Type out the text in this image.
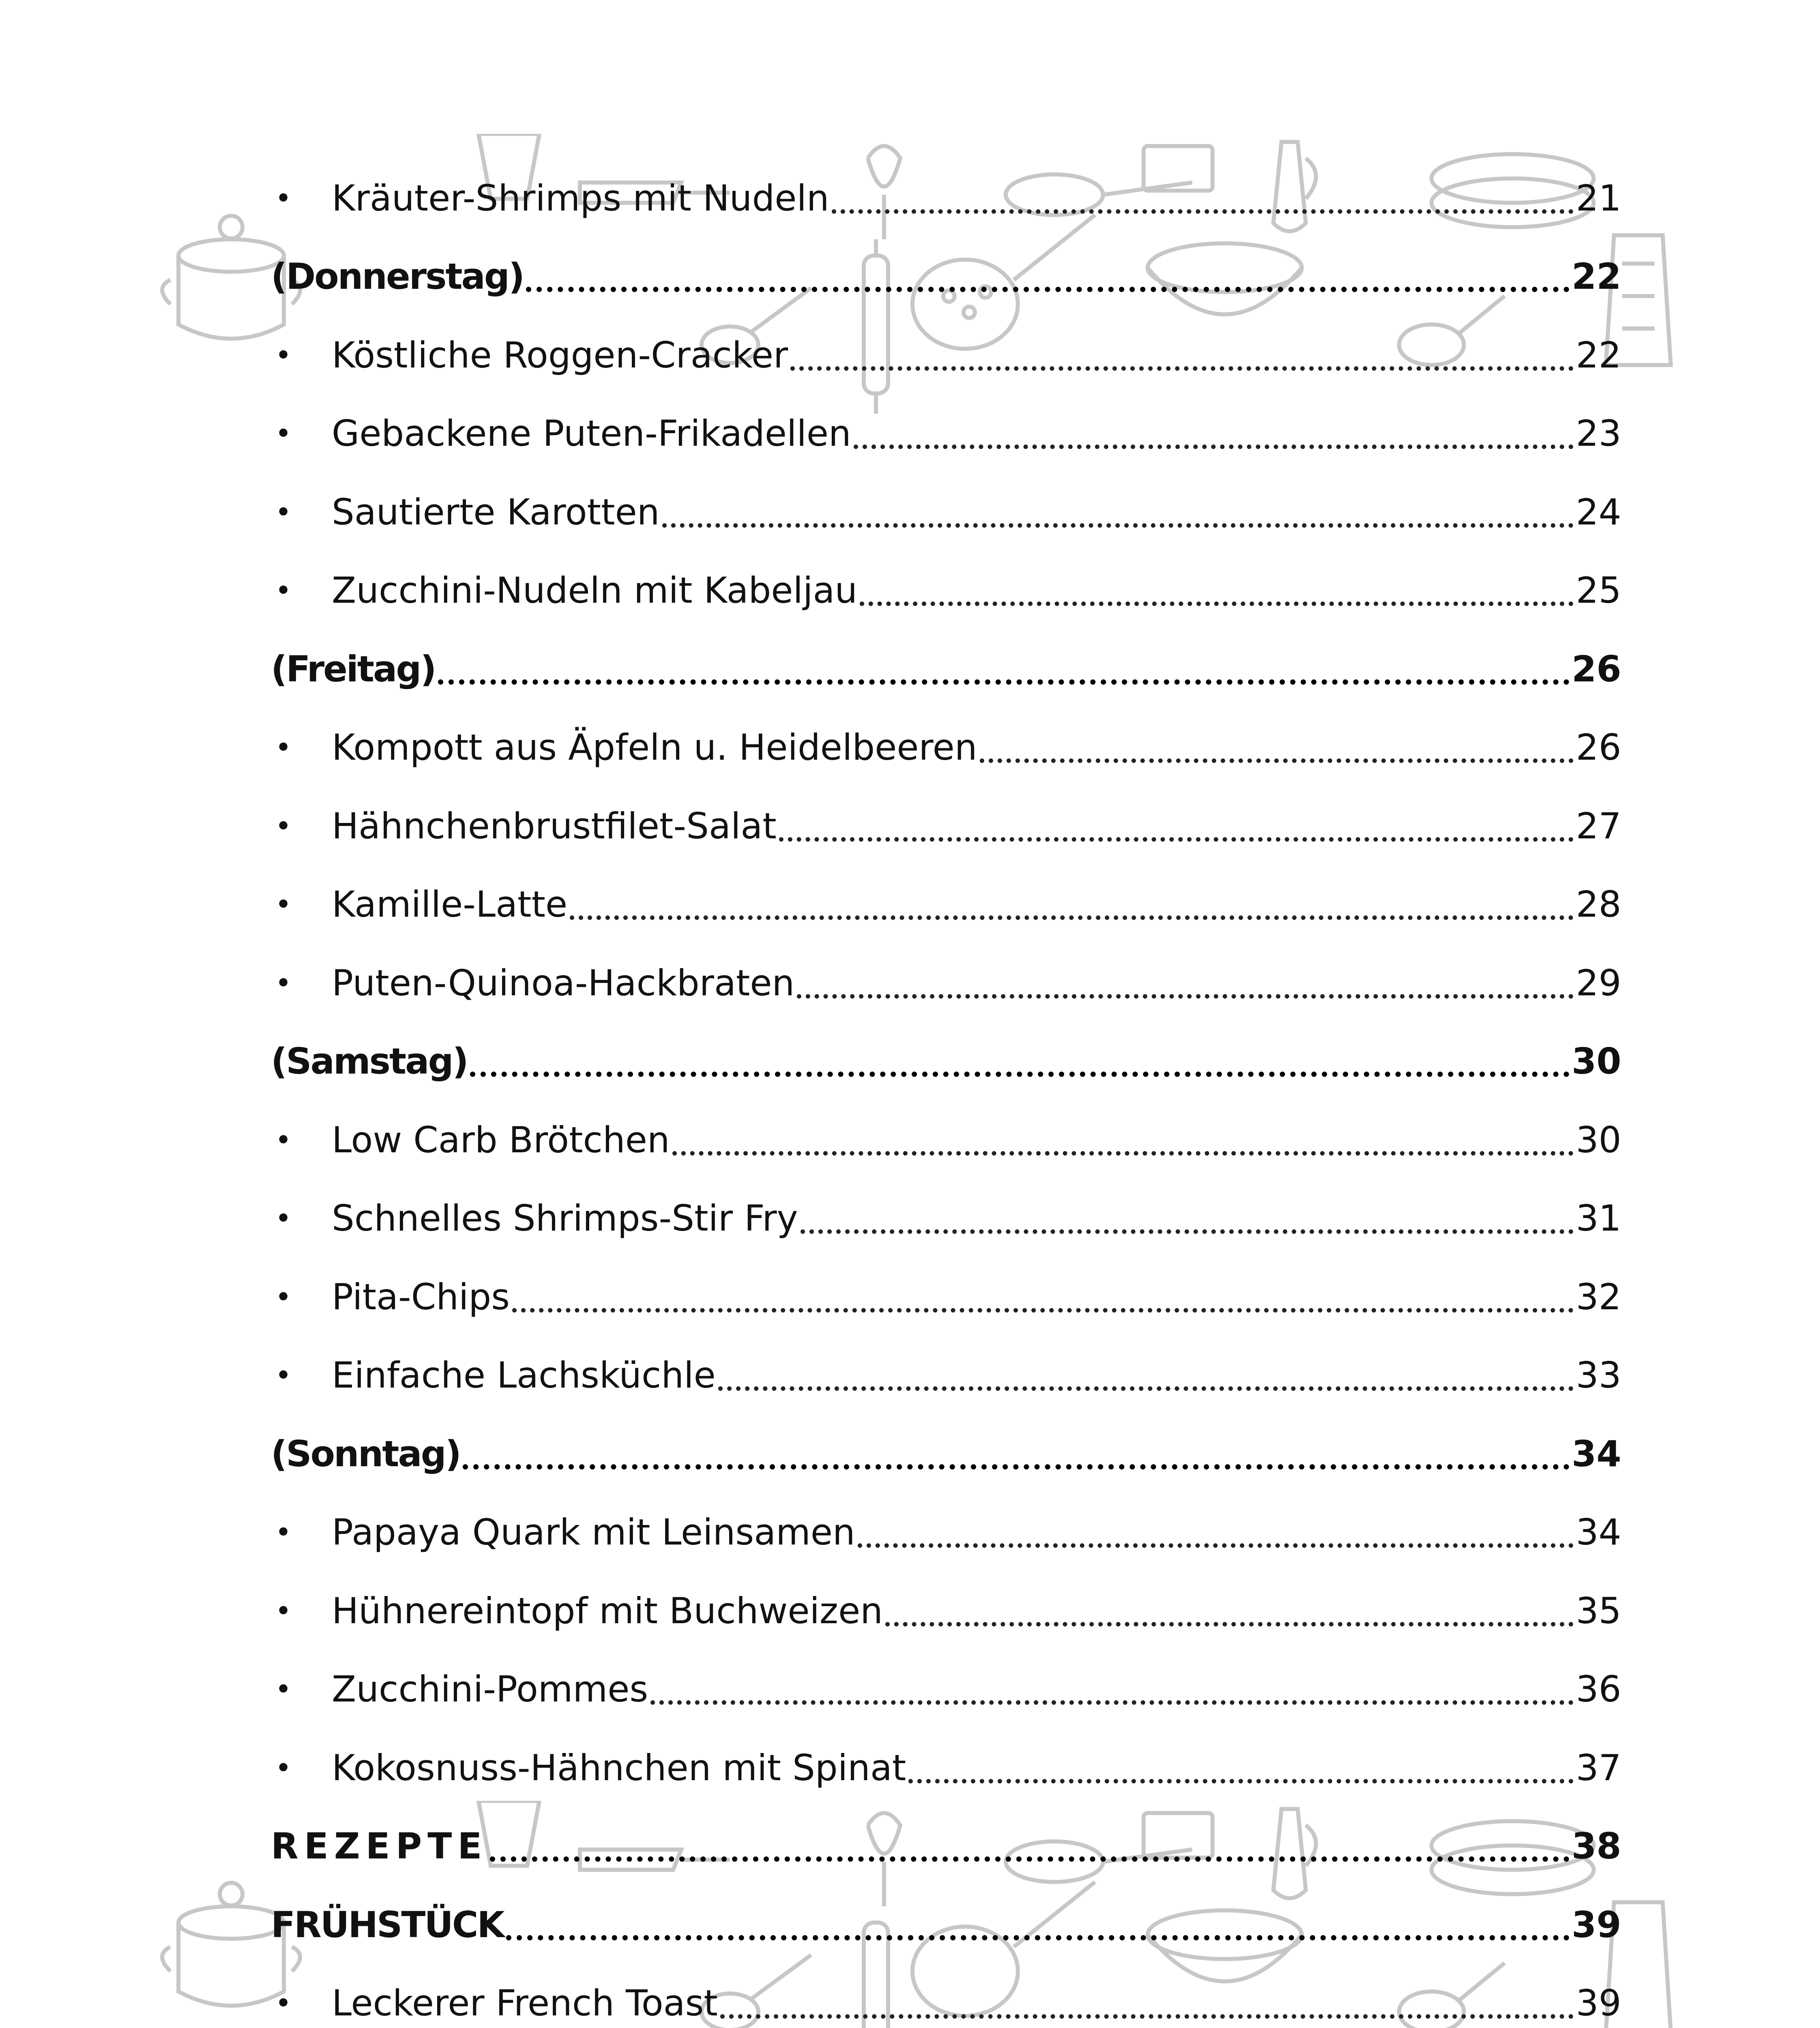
•	Kräuter-Shrimps mit Nudeln	21
(Donnerstag)	22
•	Köstliche Roggen-Cracker	22
•	Gebackene Puten-Frikadellen	23
•	Sautierte Karotten	24
•	Zucchini-Nudeln mit Kabeljau	25
(Freitag)	26
•	Kompott aus Äpfeln u. Heidelbeeren	26
•	Hähnchenbrustfilet-Salat	27
•	Kamille-Latte	28
•	Puten-Quinoa-Hackbraten	29
(Samstag)	30
•	Low Carb Brötchen	30
•	Schnelles Shrimps-Stir Fry	31
•	Pita-Chips	32
•	Einfache Lachsküchle	33
(Sonntag)	34
•	Papaya Quark mit Leinsamen	34
•	Hühnereintopf mit Buchweizen	35
•	Zucchini-Pommes	36
•	Kokosnuss-Hähnchen mit Spinat	37
REZEPTE	38
FRÜHSTÜCK	39
•	Leckerer French Toast	39
